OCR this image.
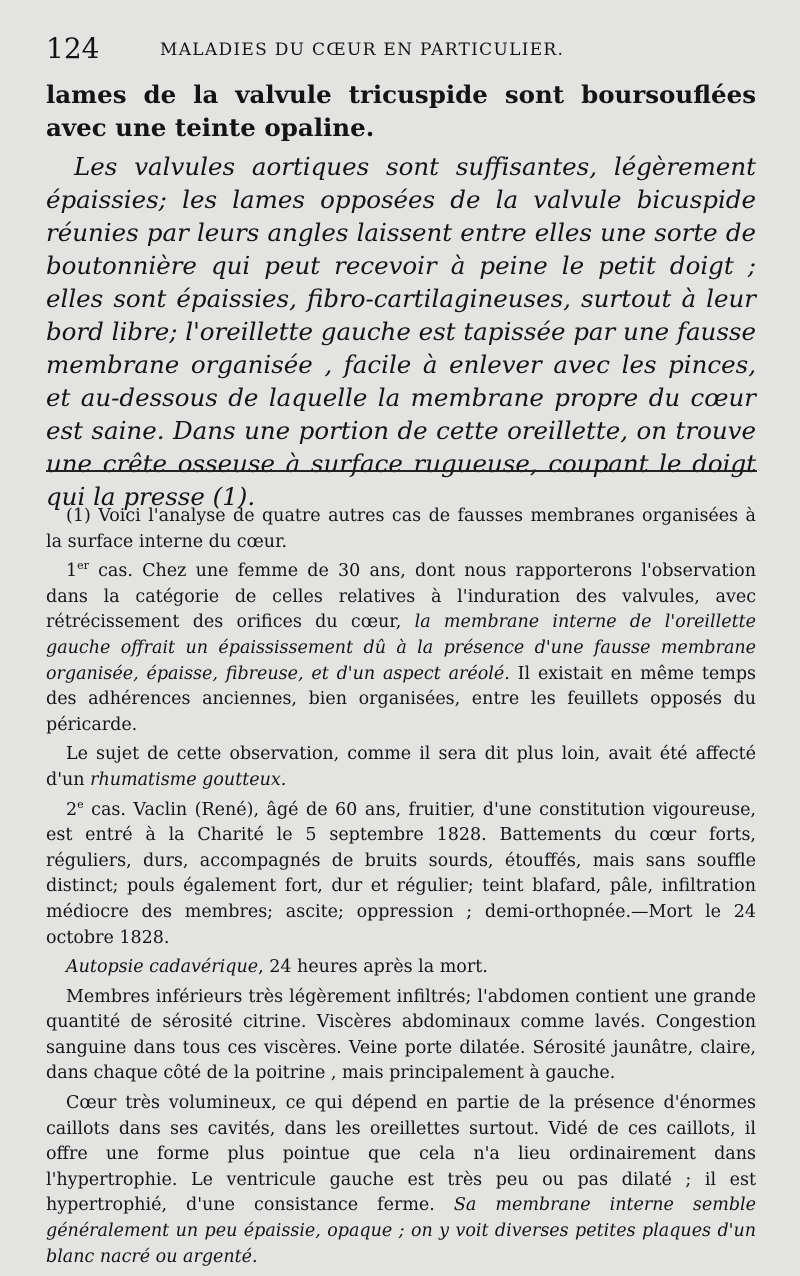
124	MALADIES DU CŒUR EN PARTICULIER.

lames de la valvule tricuspide sont boursouflées avec une teinte opaline.

Les valvules aortiques sont suffisantes, légèrement épaissies; les lames opposées de la valvule bicuspide réunies par leurs angles laissent entre elles une sorte de boutonnière qui peut recevoir à peine le petit doigt ; elles sont épaissies, fibro-cartilagineuses, surtout à leur bord libre; l'oreillette gauche est tapissée par une fausse membrane organisée , facile à enlever avec les pinces, et au-dessous de laquelle la membrane propre du cœur est saine. Dans une portion de cette oreillette, on trouve une crête osseuse à surface rugueuse, coupant le doigt qui la presse (1).

(1) Voici l'analyse de quatre autres cas de fausses membranes organisées à la surface interne du cœur.

1er cas. Chez une femme de 30 ans, dont nous rapporterons l'observation dans la catégorie de celles relatives à l'induration des valvules, avec rétrécissement des orifices du cœur, la membrane interne de l'oreillette gauche offrait un épaississement dû à la présence d'une fausse membrane organisée, épaisse, fibreuse, et d'un aspect aréolé. Il existait en même temps des adhérences anciennes, bien organisées, entre les feuillets opposés du péricarde.

Le sujet de cette observation, comme il sera dit plus loin, avait été affecté d'un rhumatisme goutteux.

2e cas. Vaclin (René), âgé de 60 ans, fruitier, d'une constitution vigoureuse, est entré à la Charité le 5 septembre 1828. Battements du cœur forts, réguliers, durs, accompagnés de bruits sourds, étouffés, mais sans souffle distinct; pouls également fort, dur et régulier; teint blafard, pâle, infiltration médiocre des membres; ascite; oppression ; demi-orthopnée.—Mort le 24 octobre 1828.

Autopsie cadavérique, 24 heures après la mort.

Membres inférieurs très légèrement infiltrés; l'abdomen contient une grande quantité de sérosité citrine. Viscères abdominaux comme lavés. Congestion sanguine dans tous ces viscères. Veine porte dilatée. Sérosité jaunâtre, claire, dans chaque côté de la poitrine , mais principalement à gauche.

Cœur très volumineux, ce qui dépend en partie de la présence d'énormes caillots dans ses cavités, dans les oreillettes surtout. Vidé de ces caillots, il offre une forme plus pointue que cela n'a lieu ordinairement dans l'hypertrophie. Le ventricule gauche est très peu ou pas dilaté ; il est hypertrophié, d'une consistance ferme. Sa membrane interne semble généralement un peu épaissie, opaque ; on y voit diverses petites plaques d'un blanc nacré ou argenté.
